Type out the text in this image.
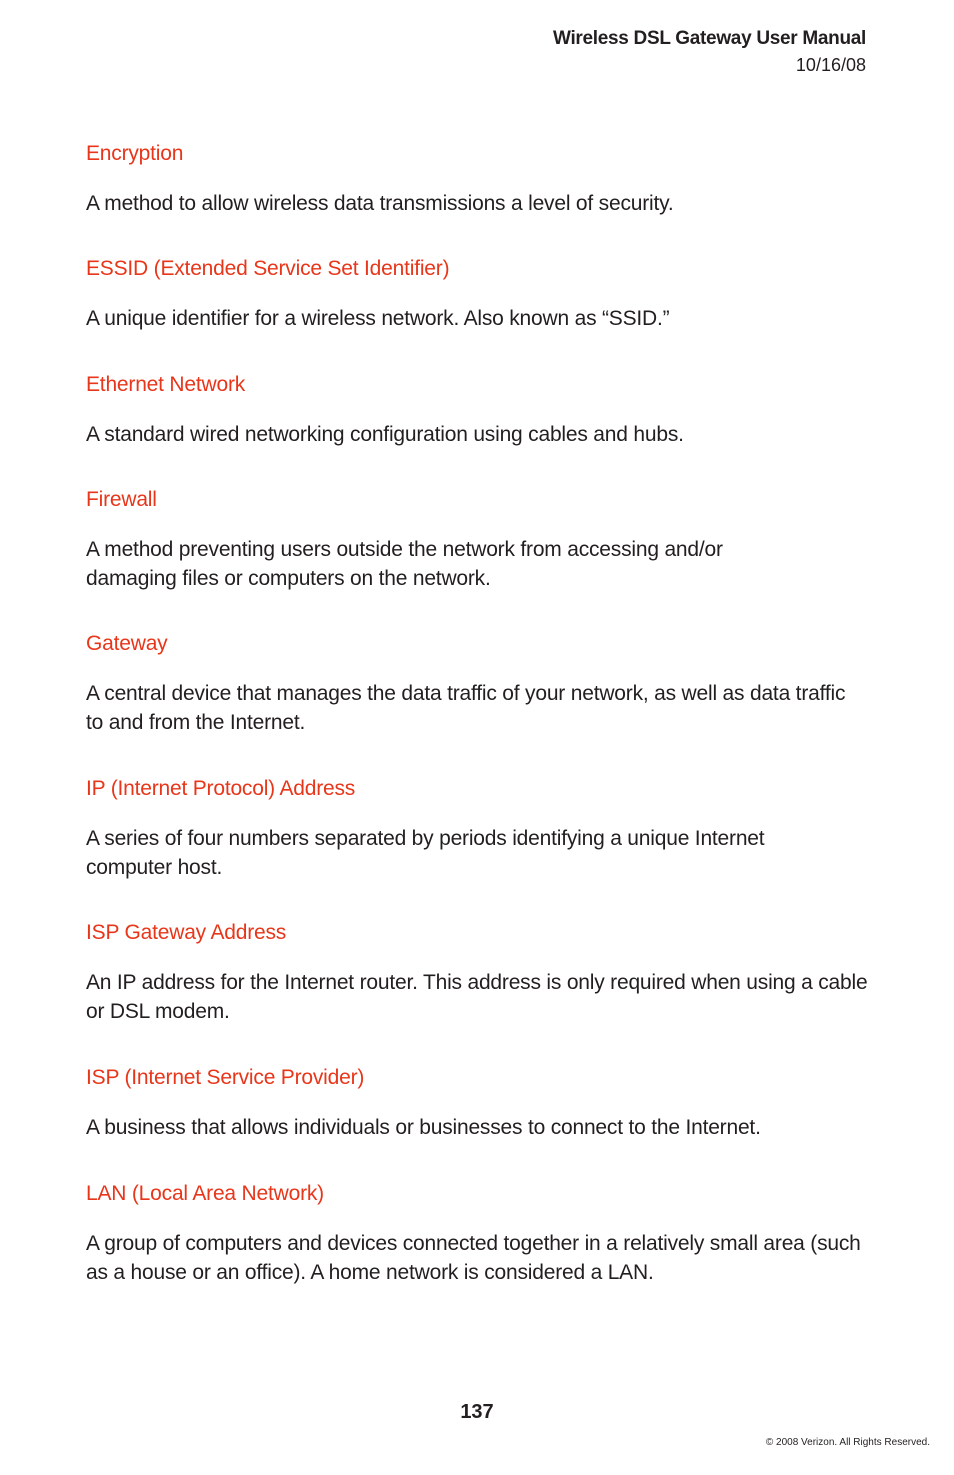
Wireless DSL Gateway User Manual
10/16/08
Encryption
A method to allow wireless data transmissions a level of security.
ESSID (Extended Service Set Identifier)
A unique identifier for a wireless network. Also known as “SSID.”
Ethernet Network
A standard wired networking configuration using cables and hubs.
Firewall
A method preventing users outside the network from accessing and/or damaging files or computers on the network.
Gateway
A central device that manages the data traffic of your network, as well as data traffic to and from the Internet.
IP (Internet Protocol) Address
A series of four numbers separated by periods identifying a unique Internet computer host.
ISP Gateway Address
An IP address for the Internet router. This address is only required when using a cable or DSL modem.
ISP (Internet Service Provider)
A business that allows individuals or businesses to connect to the Internet.
LAN (Local Area Network)
A group of computers and devices connected together in a relatively small area (such as a house or an office). A home network is considered a LAN.
137
© 2008 Verizon. All Rights Reserved.
